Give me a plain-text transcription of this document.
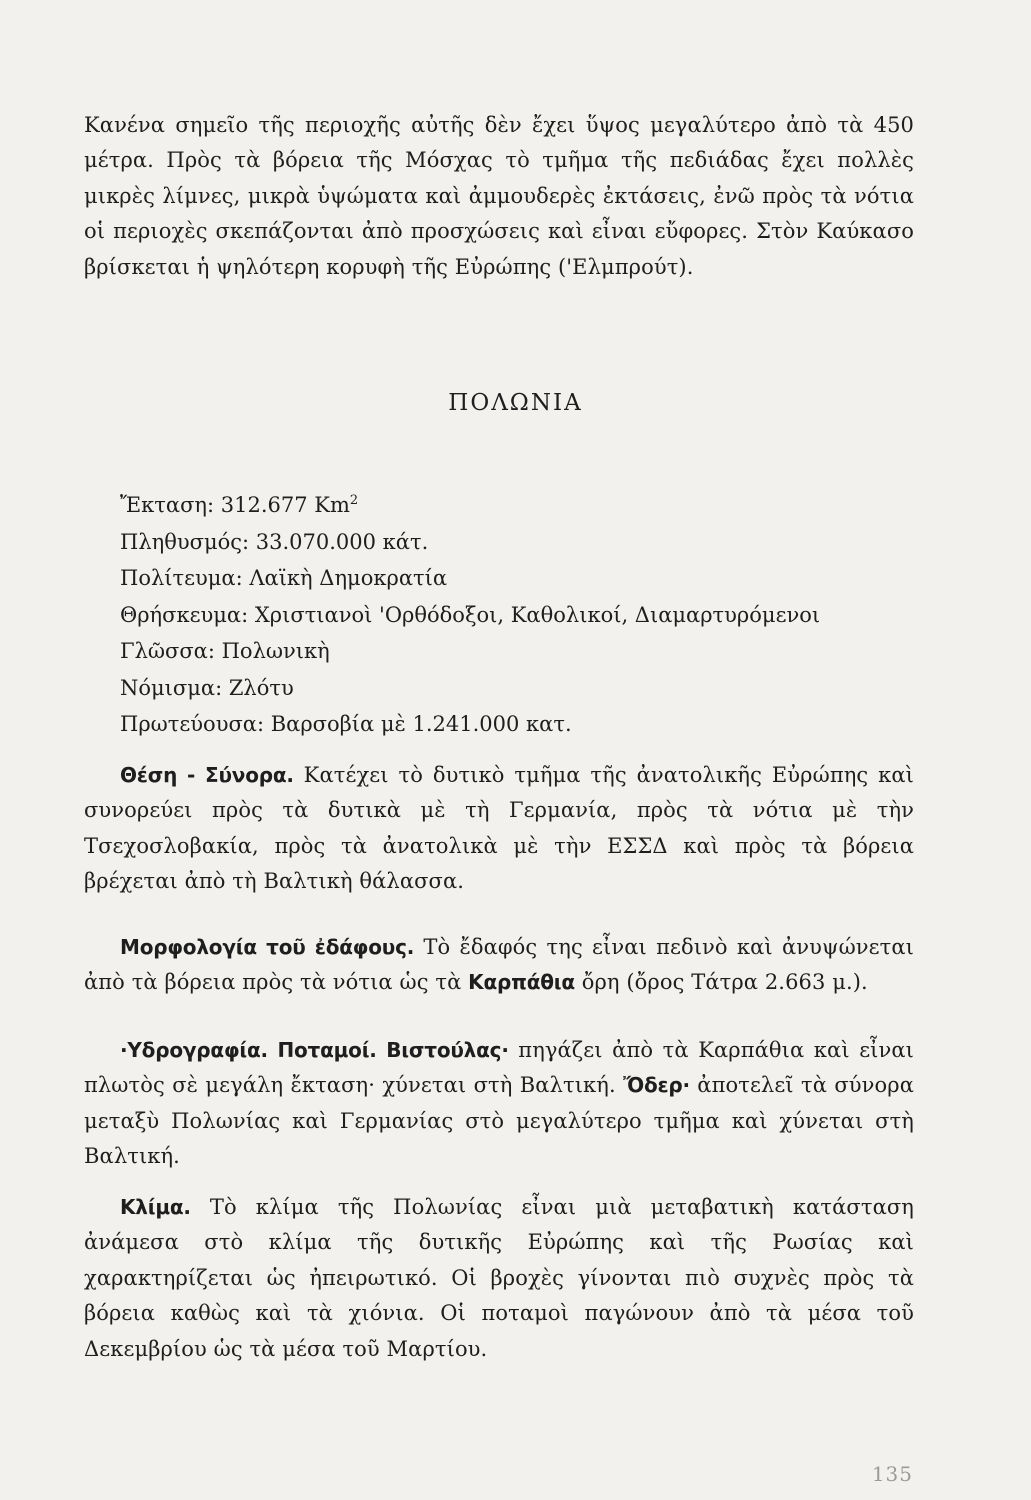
Κανένα σημεῖο τῆς περιοχῆς αὐτῆς δὲν ἔχει ὕψος μεγαλύτερο ἀπὸ τὰ 450 μέτρα. Πρὸς τὰ βόρεια τῆς Μόσχας τὸ τμῆμα τῆς πεδιάδας ἔχει πολλὲς μικρὲς λίμνες, μικρὰ ὑψώματα καὶ ἀμμουδερὲς ἐκτάσεις, ἐνῶ πρὸς τὰ νότια οἱ περιοχὲς σκεπάζονται ἀπὸ προσχώσεις καὶ εἶναι εὔφορες. Στὸν Καύκασο βρίσκεται ἡ ψηλότερη κορυφὴ τῆς Εὐρώπης ('Ελμπρούτ).

ΠΟΛΩΝΙΑ
Ἔκταση: 312.677 Km$^2$
Πληθυσμός: 33.070.000 κάτ.
Πολίτευμα: Λαϊκὴ Δημοκρατία
Θρήσκευμα: Χριστιανοὶ 'Ορθόδοξοι, Καθολικοί, Διαμαρτυρόμενοι
Γλῶσσα: Πολωνικὴ
Νόμισμα: Ζλότυ
Πρωτεύουσα: Βαρσοβία μὲ 1.241.000 κατ.

Θέση - Σύνορα. Κατέχει τὸ δυτικὸ τμῆμα τῆς ἀνατολικῆς Εὐρώπης καὶ συνορεύει πρὸς τὰ δυτικὰ μὲ τὴ Γερμανία, πρὸς τὰ νότια μὲ τὴν Τσεχοσλοβακία, πρὸς τὰ ἀνατολικὰ μὲ τὴν ΕΣΣΔ καὶ πρὸς τὰ βόρεια βρέχεται ἀπὸ τὴ Βαλτικὴ θάλασσα.

Μορφολογία τοῦ ἐδάφους. Τὸ ἔδαφός της εἶναι πεδινὸ καὶ ἀνυψώνεται ἀπὸ τὰ βόρεια πρὸς τὰ νότια ὡς τὰ Καρπάθια ὄρη (ὄρος Τάτρα 2.663 μ.).

·Υδρογραφία. Ποταμοί. Βιστούλας· πηγάζει ἀπὸ τὰ Καρπάθια καὶ εἶναι πλωτὸς σὲ μεγάλη ἔκταση· χύνεται στὴ Βαλτική. Ὄδερ· ἀποτελεῖ τὰ σύνορα μεταξὺ Πολωνίας καὶ Γερμανίας στὸ μεγαλύτερο τμῆμα καὶ χύνεται στὴ Βαλτική.

Κλίμα. Τὸ κλίμα τῆς Πολωνίας εἶναι μιὰ μεταβατικὴ κατάσταση ἀνάμεσα στὸ κλίμα τῆς δυτικῆς Εὐρώπης καὶ τῆς Ρωσίας καὶ χαρακτηρίζεται ὡς ἠπειρωτικό. Οἱ βροχὲς γίνονται πιὸ συχνὲς πρὸς τὰ βόρεια καθὼς καὶ τὰ χιόνια. Οἱ ποταμοὶ παγώνουν ἀπὸ τὰ μέσα τοῦ Δεκεμβρίου ὡς τὰ μέσα τοῦ Μαρτίου.

135
